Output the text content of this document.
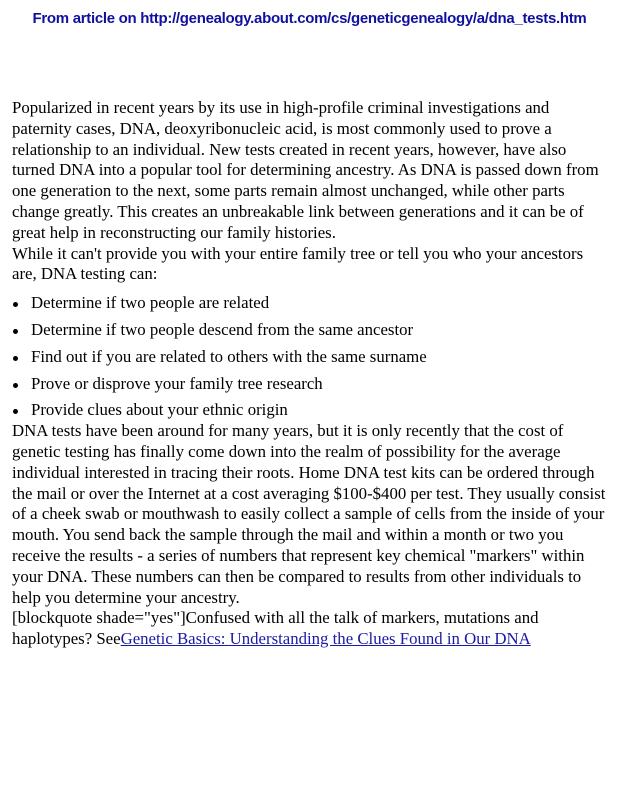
From article on http://genealogy.about.com/cs/geneticgenealogy/a/dna_tests.htm

Popularized in recent years by its use in high-profile criminal investigations and paternity cases, DNA, deoxyribonucleic acid, is most commonly used to prove a relationship to an individual. New tests created in recent years, however, have also turned DNA into a popular tool for determining ancestry. As DNA is passed down from one generation to the next, some parts remain almost unchanged, while other parts change greatly. This creates an unbreakable link between generations and it can be of great help in reconstructing our family histories.

While it can't provide you with your entire family tree or tell you who your ancestors are, DNA testing can:

Determine if two people are related
Determine if two people descend from the same ancestor
Find out if you are related to others with the same surname
Prove or disprove your family tree research
Provide clues about your ethnic origin

DNA tests have been around for many years, but it is only recently that the cost of genetic testing has finally come down into the realm of possibility for the average individual interested in tracing their roots. Home DNA test kits can be ordered through the mail or over the Internet at a cost averaging $100-$400 per test. They usually consist of a cheek swab or mouthwash to easily collect a sample of cells from the inside of your mouth. You send back the sample through the mail and within a month or two you receive the results - a series of numbers that represent key chemical "markers" within your DNA. These numbers can then be compared to results from other individuals to help you determine your ancestry.

[blockquote shade="yes"]Confused with all the talk of markers, mutations and haplotypes? SeeGenetic Basics: Understanding the Clues Found in Our DNA
